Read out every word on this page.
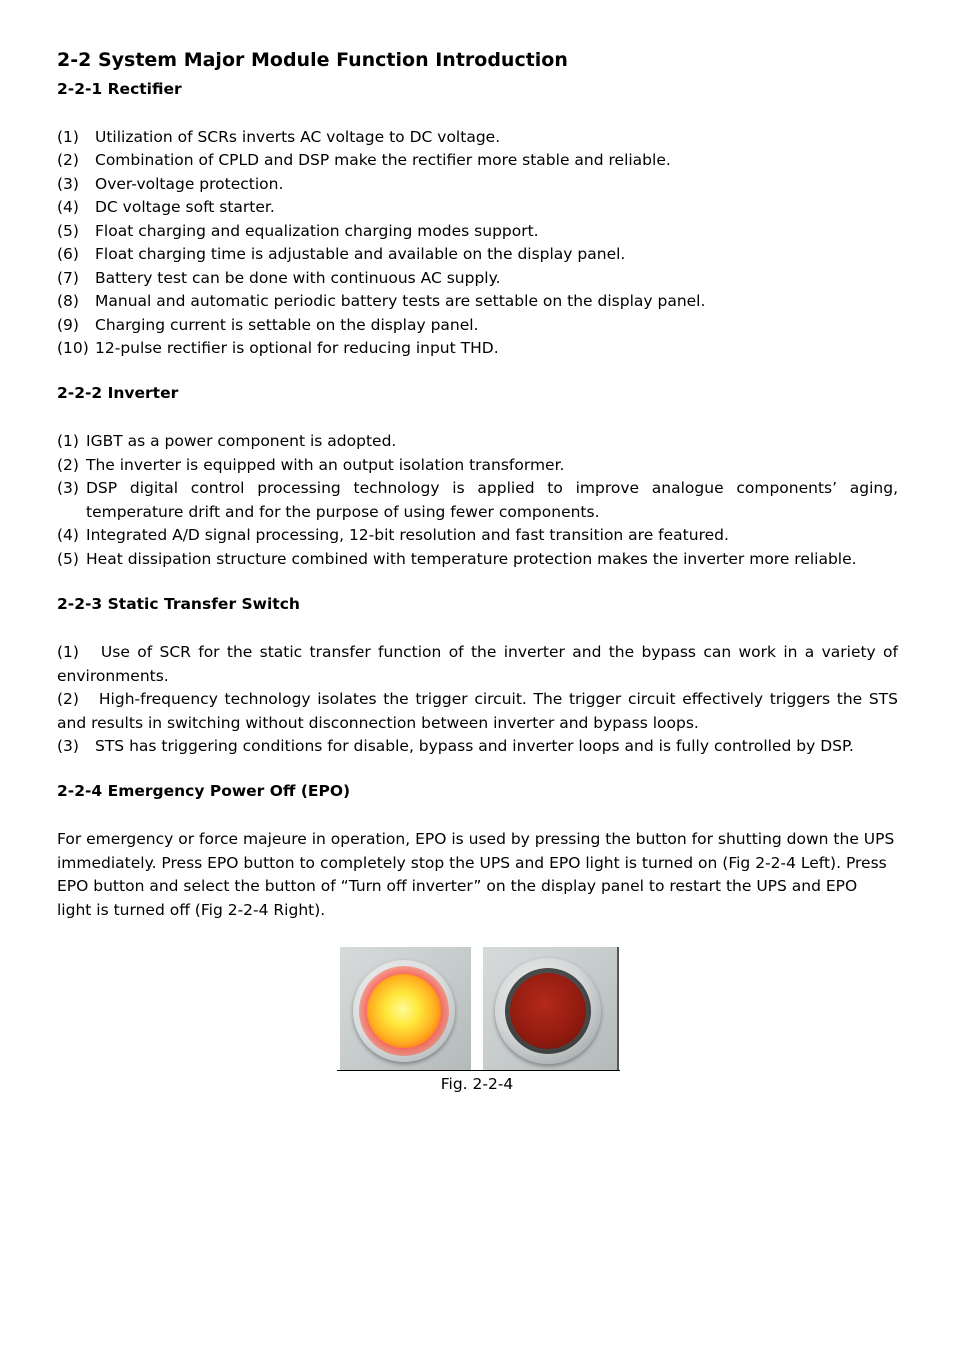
2-2 System Major Module Function Introduction
2-2-1 Rectifier
(1) Utilization of SCRs inverts AC voltage to DC voltage.
(2) Combination of CPLD and DSP make the rectifier more stable and reliable.
(3) Over-voltage protection.
(4) DC voltage soft starter.
(5) Float charging and equalization charging modes support.
(6) Float charging time is adjustable and available on the display panel.
(7) Battery test can be done with continuous AC supply.
(8) Manual and automatic periodic battery tests are settable on the display panel.
(9) Charging current is settable on the display panel.
(10) 12-pulse rectifier is optional for reducing input THD.
2-2-2 Inverter
(1) IGBT as a power component is adopted.
(2) The inverter is equipped with an output isolation transformer.
(3) DSP digital control processing technology is applied to improve analogue components’ aging,
temperature drift and for the purpose of using fewer components.
(4) Integrated A/D signal processing, 12-bit resolution and fast transition are featured.
(5) Heat dissipation structure combined with temperature protection makes the inverter more reliable.
2-2-3 Static Transfer Switch
(1)   Use of SCR for the static transfer function of the inverter and the bypass can work in a variety of
environments.
(2)   High-frequency technology isolates the trigger circuit. The trigger circuit effectively triggers the STS
and results in switching without disconnection between inverter and bypass loops.
(3) STS has triggering conditions for disable, bypass and inverter loops and is fully controlled by DSP.
2-2-4 Emergency Power Off (EPO)
For emergency or force majeure in operation, EPO is used by pressing the button for shutting down the UPS
immediately. Press EPO button to completely stop the UPS and EPO light is turned on (Fig 2-2-4 Left). Press
EPO button and select the button of “Turn off inverter” on the display panel to restart the UPS and EPO
light is turned off (Fig 2-2-4 Right).
Fig. 2-2-4
